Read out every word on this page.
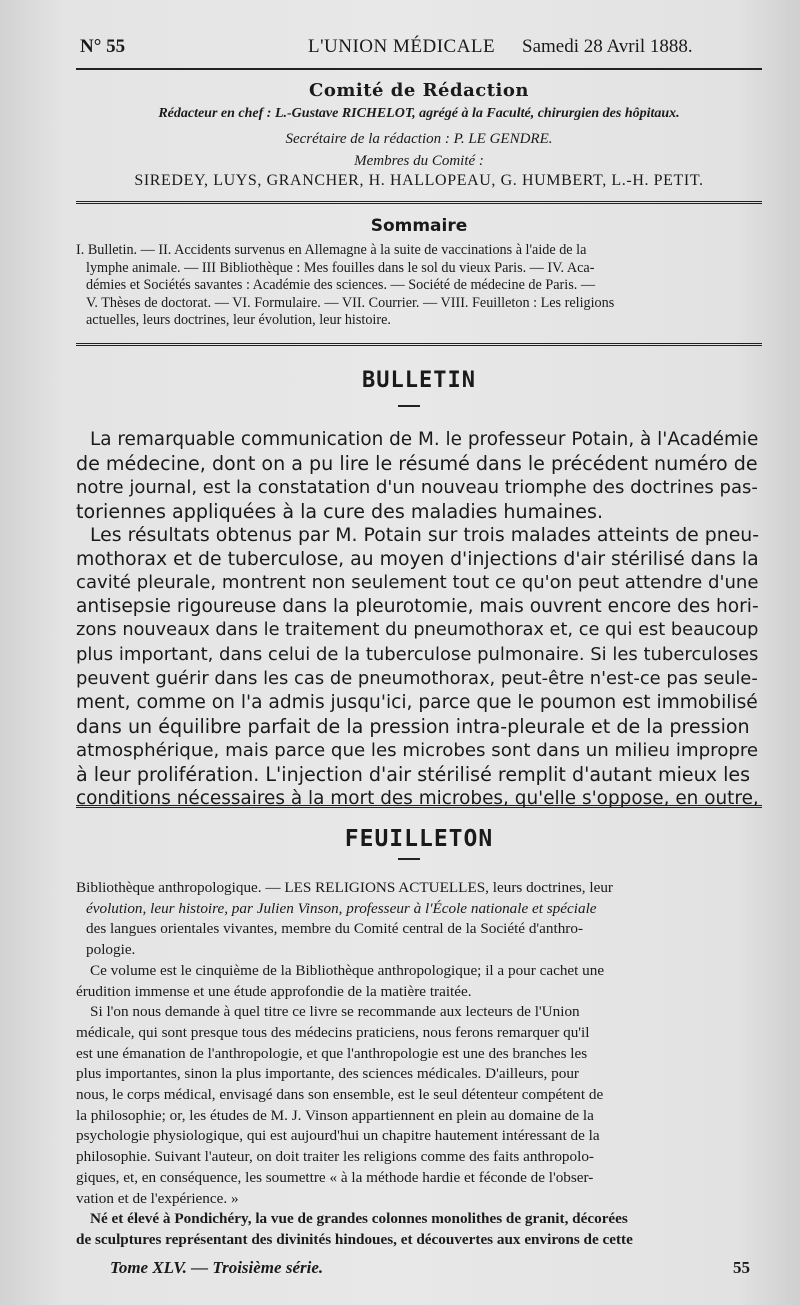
N° 55	L'UNION MÉDICALE Samedi 28 Avril 1888.
Comité de Rédaction
Rédacteur en chef : L.-Gustave RICHELOT, agrégé à la Faculté, chirurgien des hôpitaux.
Secrétaire de la rédaction : P. LE GENDRE.
Membres du Comité :
SIREDEY, LUYS, GRANCHER, H. HALLOPEAU, G. HUMBERT, L.-H. PETIT.
Sommaire
I. Bulletin. — II. Accidents survenus en Allemagne à la suite de vaccinations à l'aide de la
lymphe animale. — III Bibliothèque : Mes fouilles dans le sol du vieux Paris. — IV. Aca-
démies et Sociétés savantes : Académie des sciences. — Société de médecine de Paris. —
V. Thèses de doctorat. — VI. Formulaire. — VII. Courrier. — VIII. Feuilleton : Les religions
actuelles, leurs doctrines, leur évolution, leur histoire.
BULLETIN
La remarquable communication de M. le professeur Potain, à l'Académie
de médecine, dont on a pu lire le résumé dans le précédent numéro de
notre journal, est la constatation d'un nouveau triomphe des doctrines pas-
toriennes appliquées à la cure des maladies humaines.
Les résultats obtenus par M. Potain sur trois malades atteints de pneu-
mothorax et de tuberculose, au moyen d'injections d'air stérilisé dans la
cavité pleurale, montrent non seulement tout ce qu'on peut attendre d'une
antisepsie rigoureuse dans la pleurotomie, mais ouvrent encore des hori-
zons nouveaux dans le traitement du pneumothorax et, ce qui est beaucoup
plus important, dans celui de la tuberculose pulmonaire. Si les tuberculoses
peuvent guérir dans les cas de pneumothorax, peut-être n'est-ce pas seule-
ment, comme on l'a admis jusqu'ici, parce que le poumon est immobilisé
dans un équilibre parfait de la pression intra-pleurale et de la pression
atmosphérique, mais parce que les microbes sont dans un milieu impropre
à leur prolifération. L'injection d'air stérilisé remplit d'autant mieux les
conditions nécessaires à la mort des microbes, qu'elle s'oppose, en outre,
FEUILLETON
Bibliothèque anthropologique. — LES RELIGIONS ACTUELLES, leurs doctrines, leur
évolution, leur histoire, par Julien Vinson, professeur à l'École nationale et spéciale
des langues orientales vivantes, membre du Comité central de la Société d'anthro-
pologie.
Ce volume est le cinquième de la Bibliothèque anthropologique; il a pour cachet une
érudition immense et une étude approfondie de la matière traitée.
Si l'on nous demande à quel titre ce livre se recommande aux lecteurs de l'Union
médicale, qui sont presque tous des médecins praticiens, nous ferons remarquer qu'il
est une émanation de l'anthropologie, et que l'anthropologie est une des branches les
plus importantes, sinon la plus importante, des sciences médicales. D'ailleurs, pour
nous, le corps médical, envisagé dans son ensemble, est le seul détenteur compétent de
la philosophie; or, les études de M. J. Vinson appartiennent en plein au domaine de la
psychologie physiologique, qui est aujourd'hui un chapitre hautement intéressant de la
philosophie. Suivant l'auteur, on doit traiter les religions comme des faits anthropolo-
giques, et, en conséquence, les soumettre « à la méthode hardie et féconde de l'obser-
vation et de l'expérience. »
Né et élevé à Pondichéry, la vue de grandes colonnes monolithes de granit, décorées
de sculptures représentant des divinités hindoues, et découvertes aux environs de cette
Tome XLV. — Troisième série.	55
